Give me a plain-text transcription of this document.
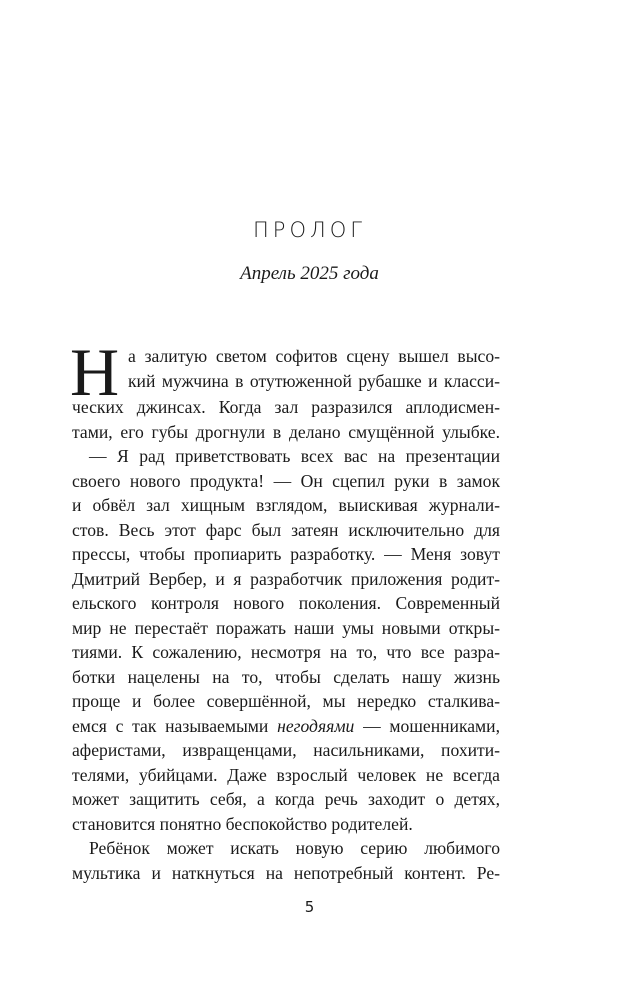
ПРОЛОГ
Апрель 2025 года
Н а залитую светом софитов сцену вышел высо-
кий мужчина в отутюженной рубашке и класси-
ческих джинсах. Когда зал разразился аплодисмен-
тами, его губы дрогнули в делано смущённой улыбке.
— Я рад приветствовать всех вас на презентации
своего нового продукта! — Он сцепил руки в замок
и обвёл зал хищным взглядом, выискивая журнали-
стов. Весь этот фарс был затеян исключительно для
прессы, чтобы пропиарить разработку. — Меня зовут
Дмитрий Вербер, и я разработчик приложения родит-
ельского контроля нового поколения. Современный
мир не перестаёт поражать наши умы новыми откры-
тиями. К сожалению, несмотря на то, что все разра-
ботки нацелены на то, чтобы сделать нашу жизнь
проще и более совершённой, мы нередко сталкива-
емся с так называемыми негодяями — мошенниками,
аферистами, извращенцами, насильниками, похити-
телями, убийцами. Даже взрослый человек не всегда
может защитить себя, а когда речь заходит о детях,
становится понятно беспокойство родителей.
Ребёнок может искать новую серию любимого
мультика и наткнуться на непотребный контент. Ре-
5
